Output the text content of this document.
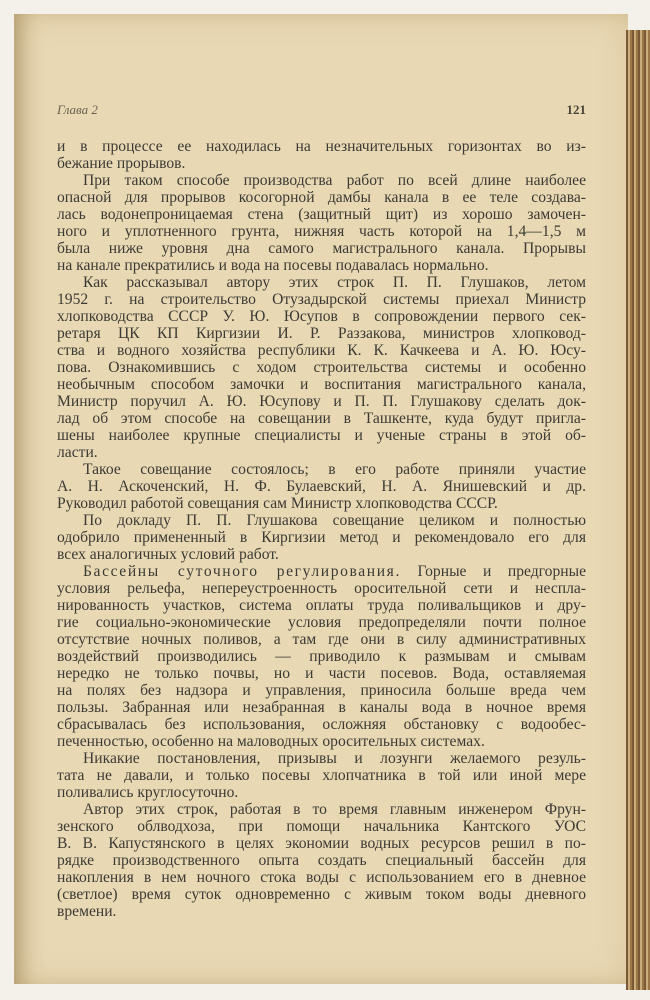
Глава 2	121
и в процессе ее находилась на незначительных горизонтах во из-
бежание прорывов.
При таком способе производства работ по всей длине наиболее
опасной для прорывов косогорной дамбы канала в ее теле создава-
лась водонепроницаемая стена (защитный щит) из хорошо замочен-
ного и уплотненного грунта, нижняя часть которой на 1,4—1,5 м
была ниже уровня дна самого магистрального канала. Прорывы
на канале прекратились и вода на посевы подавалась нормально.
Как рассказывал автору этих строк П. П. Глушаков, летом
1952 г. на строительство Отузадырской системы приехал Министр
хлопководства СССР У. Ю. Юсупов в сопровождении первого сек-
ретаря ЦК КП Киргизии И. Р. Раззакова, министров хлопковод-
ства и водного хозяйства республики К. К. Качкеева и А. Ю. Юсу-
пова. Ознакомившись с ходом строительства системы и особенно
необычным способом замочки и воспитания магистрального канала,
Министр поручил А. Ю. Юсупову и П. П. Глушакову сделать док-
лад об этом способе на совещании в Ташкенте, куда будут пригла-
шены наиболее крупные специалисты и ученые страны в этой об-
ласти.
Такое совещание состоялось; в его работе приняли участие
А. Н. Аскоченский, Н. Ф. Булаевский, Н. А. Янишевский и др.
Руководил работой совещания сам Министр хлопководства СССР.
По докладу П. П. Глушакова совещание целиком и полностью
одобрило примененный в Киргизии метод и рекомендовало его для
всех аналогичных условий работ.
Бассейны суточного регулирования. Горные и предгорные
условия рельефа, непереустроенность оросительной сети и неспла-
нированность участков, система оплаты труда поливальщиков и дру-
гие социально-экономические условия предопределяли почти полное
отсутствие ночных поливов, а там где они в силу административных
воздействий производились — приводило к размывам и смывам
нередко не только почвы, но и части посевов. Вода, оставляемая
на полях без надзора и управления, приносила больше вреда чем
пользы. Забранная или незабранная в каналы вода в ночное время
сбрасывалась без использования, осложняя обстановку с водообес-
печенностью, особенно на маловодных оросительных системах.
Никакие постановления, призывы и лозунги желаемого резуль-
тата не давали, и только посевы хлопчатника в той или иной мере
поливались круглосуточно.
Автор этих строк, работая в то время главным инженером Фрун-
зенского облводхоза, при помощи начальника Кантского УОС
В. В. Капустянского в целях экономии водных ресурсов решил в по-
рядке производственного опыта создать специальный бассейн для
накопления в нем ночного стока воды с использованием его в дневное
(светлое) время суток одновременно с живым током воды дневного
времени.
